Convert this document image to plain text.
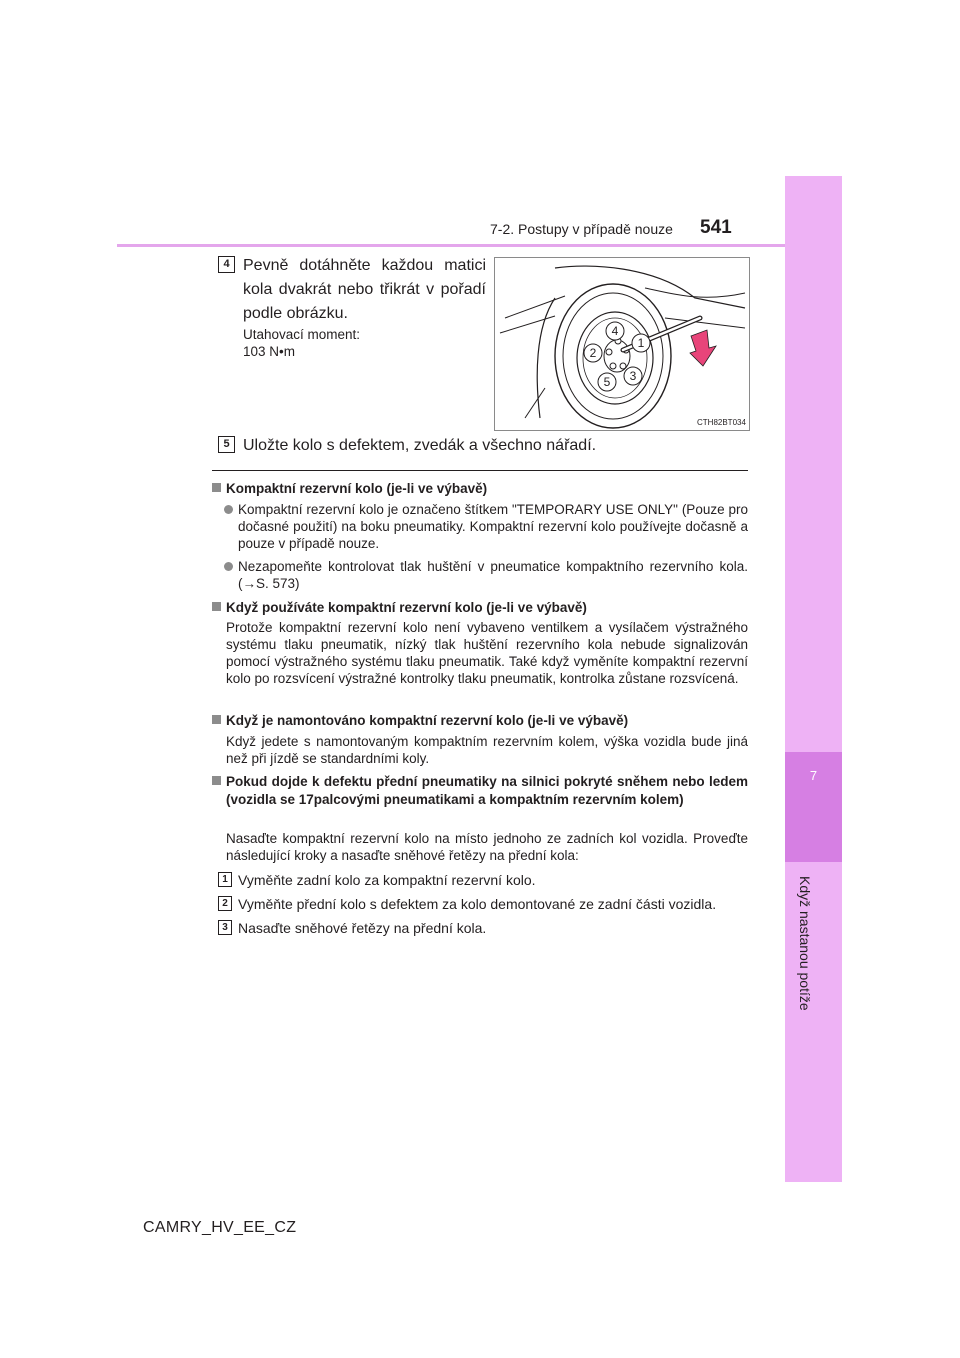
7-2. Postupy v případě nouze	541
7
Když nastanou potíže
4 Pevně dotáhněte každou matici kola dvakrát nebo třikrát v pořadí podle obrázku.
Utahovací moment:
103 N•m
4
1
2
3
5
CTH82BT034
5 Uložte kolo s defektem, zvedák a všechno nářadí.
Kompaktní rezervní kolo (je-li ve výbavě)
Kompaktní rezervní kolo je označeno štítkem "TEMPORARY USE ONLY" (Pouze pro dočasné použití) na boku pneumatiky. Kompaktní rezervní kolo používejte dočasně a pouze v případě nouze.
Nezapomeňte kontrolovat tlak huštění v pneumatice kompaktního rezervního kola. (→S. 573)
Když používáte kompaktní rezervní kolo (je-li ve výbavě)
Protože kompaktní rezervní kolo není vybaveno ventilkem a vysílačem výstražného systému tlaku pneumatik, nízký tlak huštění rezervního kola nebude signalizován pomocí výstražného systému tlaku pneumatik. Také když vyměníte kompaktní rezervní kolo po rozsvícení výstražné kontrolky tlaku pneumatik, kontrolka zůstane rozsvícená.
Když je namontováno kompaktní rezervní kolo (je-li ve výbavě)
Když jedete s namontovaným kompaktním rezervním kolem, výška vozidla bude jiná než při jízdě se standardními koly.
Pokud dojde k defektu přední pneumatiky na silnici pokryté sněhem nebo ledem (vozidla se 17palcovými pneumatikami a kompaktním rezervním kolem)
Nasaďte kompaktní rezervní kolo na místo jednoho ze zadních kol vozidla. Proveďte následující kroky a nasaďte sněhové řetězy na přední kola:
1 Vyměňte zadní kolo za kompaktní rezervní kolo.
2 Vyměňte přední kolo s defektem za kolo demontované ze zadní části vozidla.
3 Nasaďte sněhové řetězy na přední kola.
CAMRY_HV_EE_CZ
